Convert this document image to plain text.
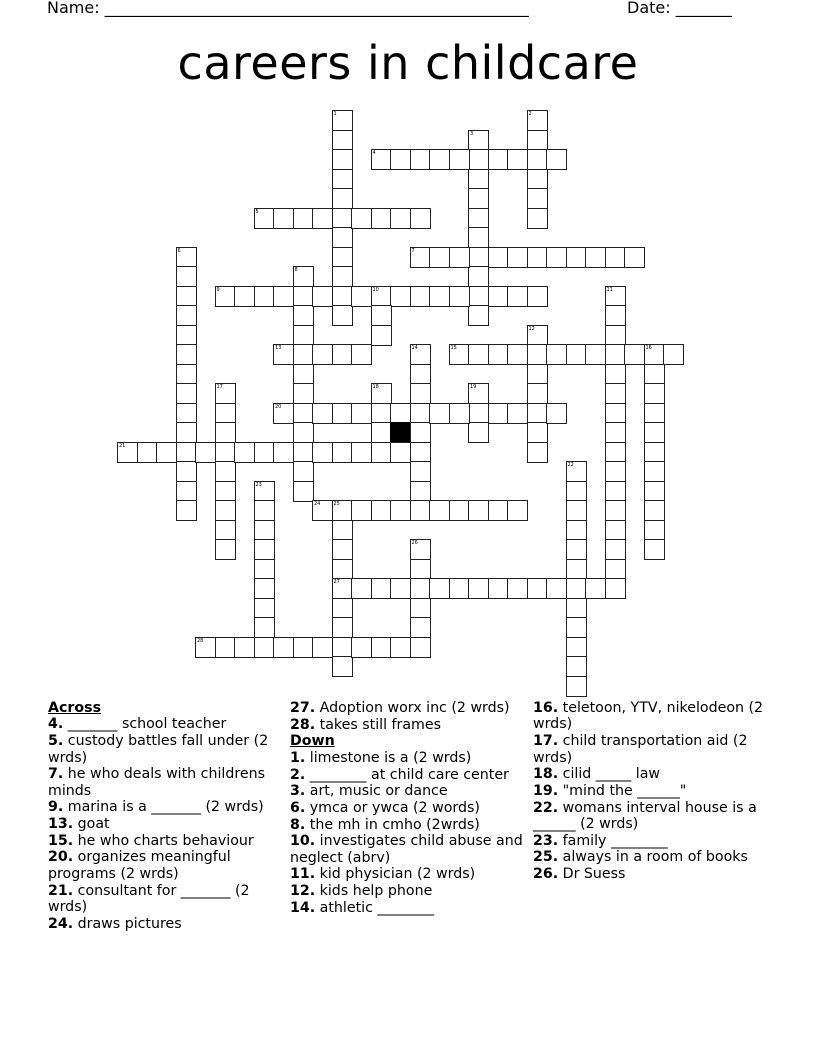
Name: _____________________________________________________	Date: _______
careers in childcare
1	2
3
4
5
6	7
8
9	10	11
12
13	14	15	16
17	18	19
20
21
22
23
24	25
27
26
28
Across
4. _______ school teacher
5. custody battles fall under (2 wrds)
7. he who deals with childrens minds
9. marina is a _______ (2 wrds)
13. goat
15. he who charts behaviour
20. organizes meaningful programs (2 wrds)
21. consultant for _______ (2 wrds)
24. draws pictures
27. Adoption worx inc (2 wrds)
28. takes still frames
Down
1. limestone is a (2 wrds)
2. ________ at child care center
3. art, music or dance
6. ymca or ywca (2 words)
8. the mh in cmho (2wrds)
10. investigates child abuse and neglect (abrv)
11. kid physician (2 wrds)
12. kids help phone
14. athletic ________
16. teletoon, YTV, nikelodeon (2 wrds)
17. child transportation aid (2 wrds)
18. cilid _____ law
19. "mind the ______"
22. womans interval house is a ______ (2 wrds)
23. family ________
25. always in a room of books
26. Dr Suess
